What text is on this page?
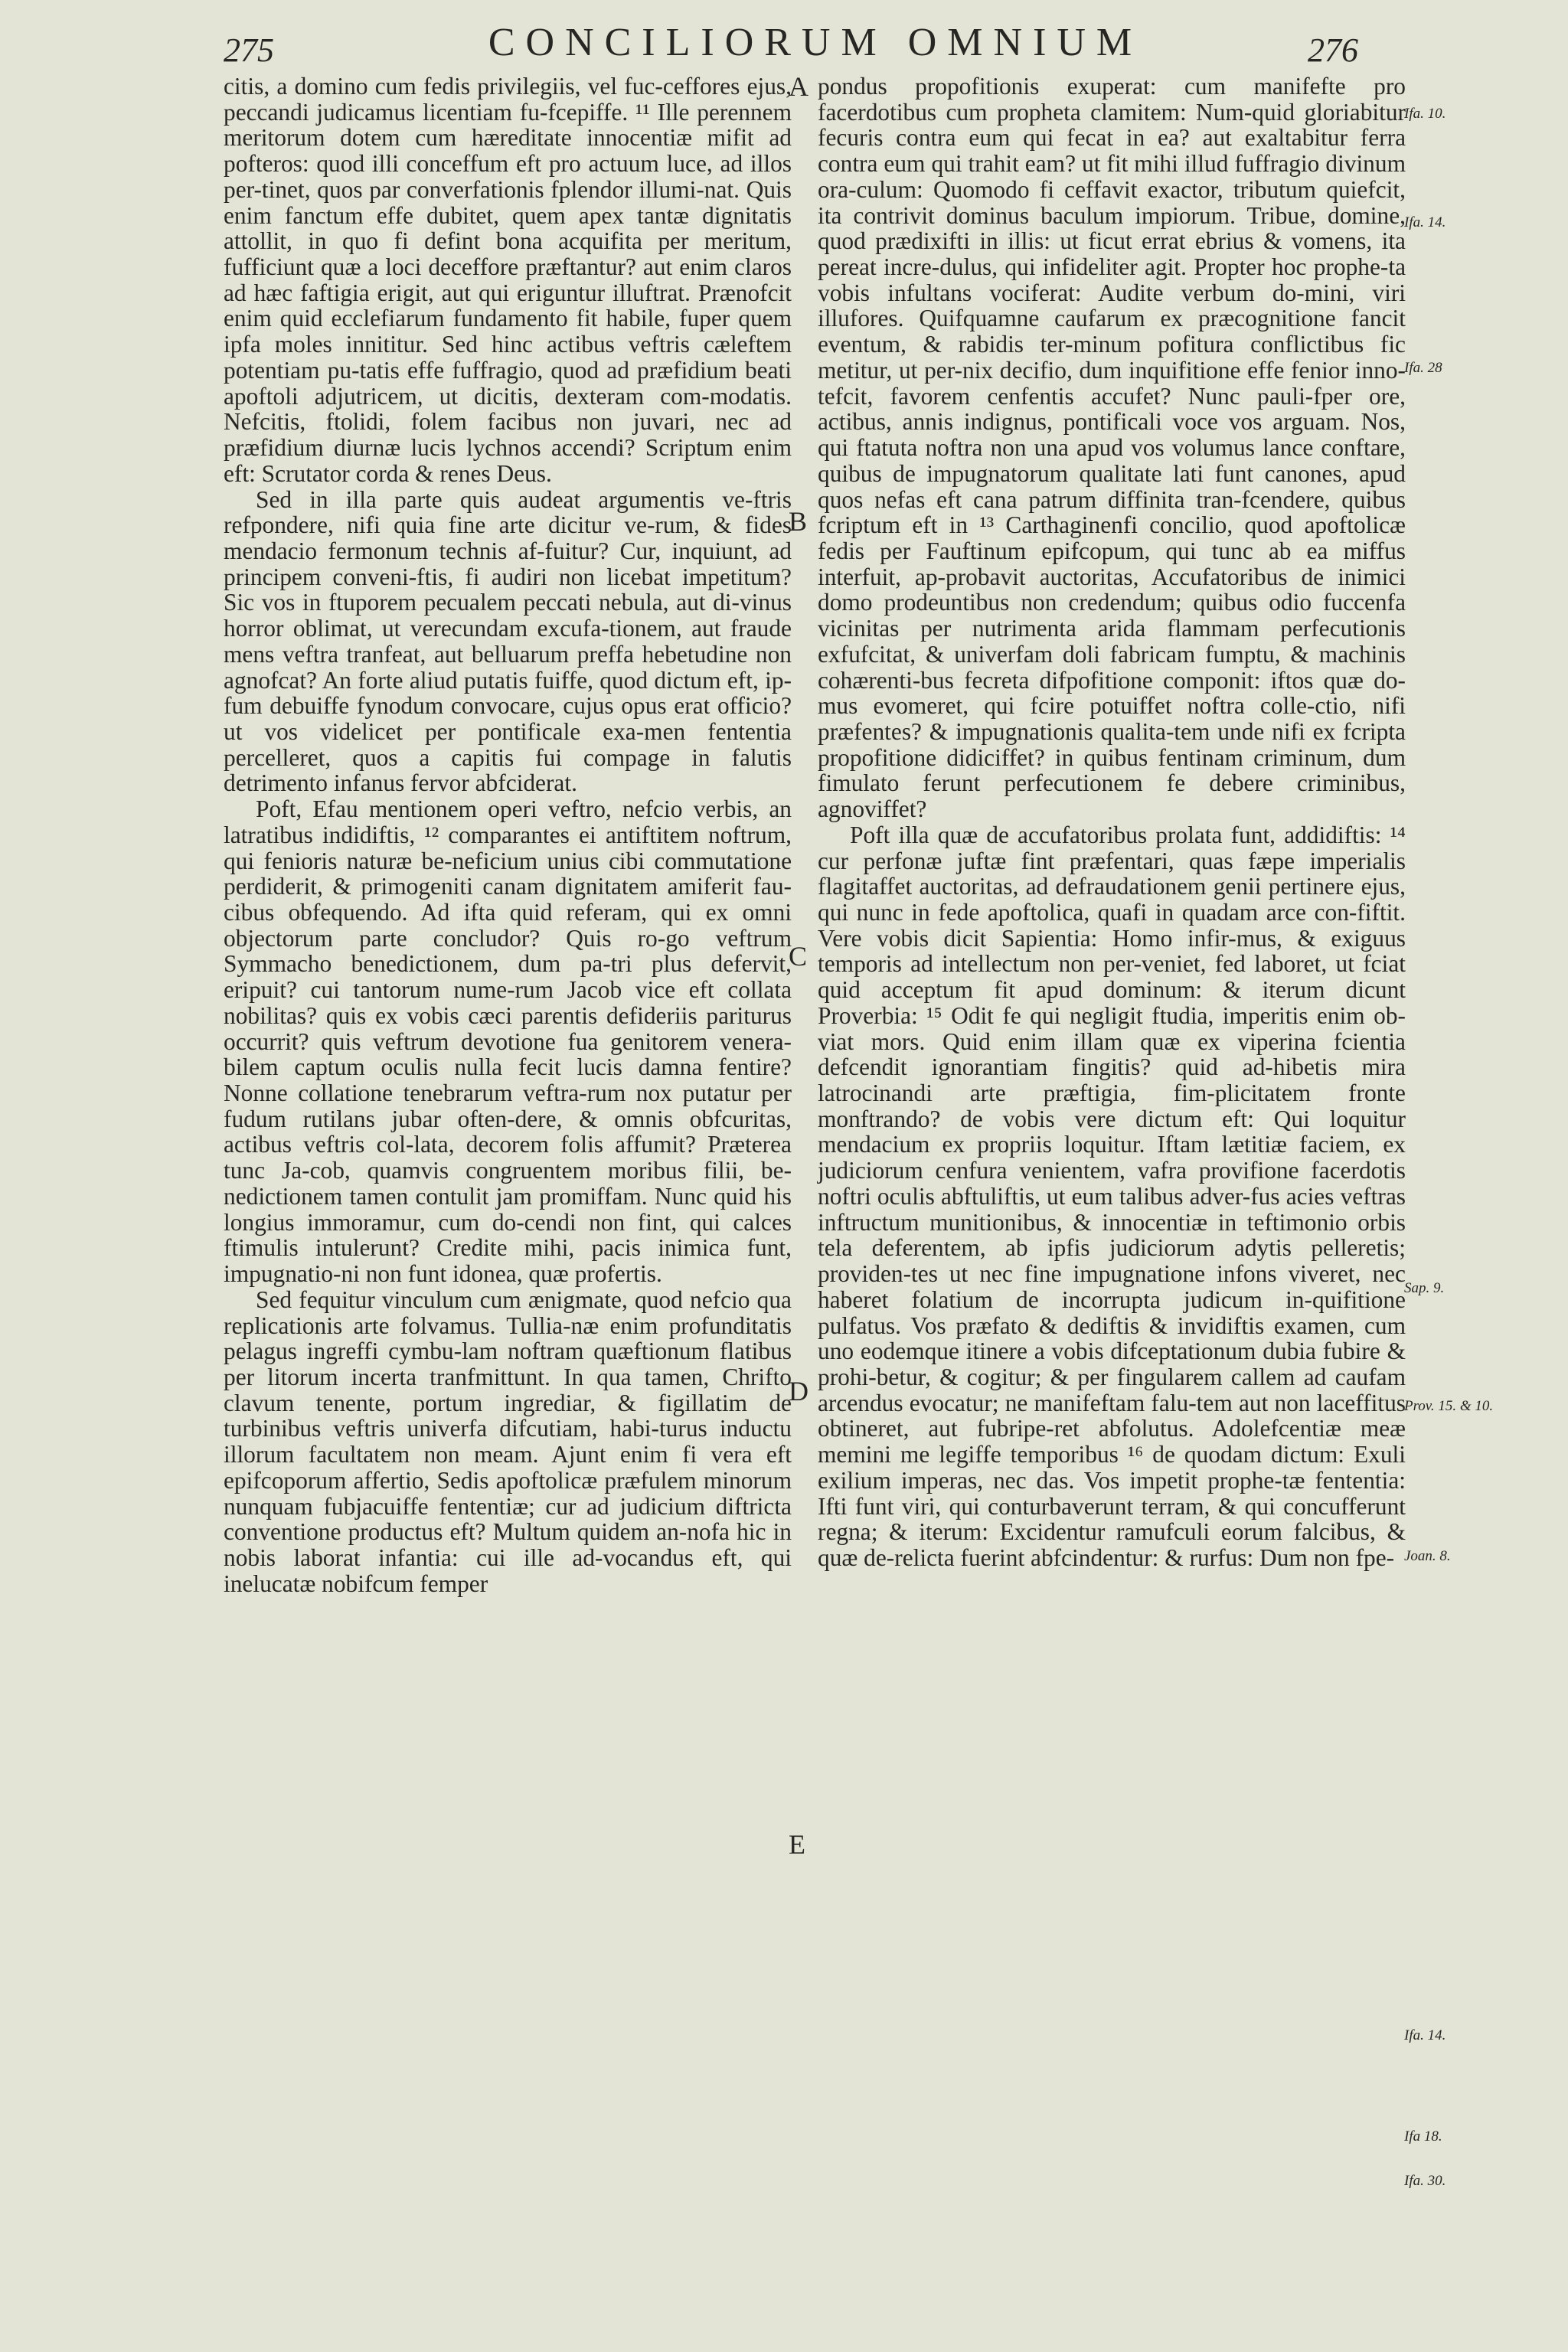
275	CONCILIORUM OMNIUM	276

citis, a domino cum fedis privilegiis, vel fuc-ceffores ejus, peccandi judicamus licentiam fu-fcepiffe. ¹¹ Ille perennem meritorum dotem cum hæreditate innocentiæ mifit ad pofteros: quod illi conceffum eft pro actuum luce, ad illos per-tinet, quos par converfationis fplendor illumi-nat. Quis enim fanctum effe dubitet, quem apex tantæ dignitatis attollit, in quo fi defint bona acquifita per meritum, fufficiunt quæ a loci decefforе præftantur? aut enim claros ad hæc faftigia erigit, aut qui eriguntur illuftrat. Prænofcit enim quid ecclefiarum fundamento fit habile, fuper quem ipfa moles innititur. Sed hinc actibus veftris cæleftem potentiam pu-tatis effe fuffragio, quod ad præfidium beati apoftoli adjutricem, ut dicitis, dexteram com-modatis. Nefcitis, ftolidi, folem facibus non juvari, nec ad præfidium diurnæ lucis lychnos accendi? Scriptum enim eft: Scrutator corda & renes Deus.

Sed in illa parte quis audeat argumentis ve-ftris refpondere, nifi quia fine arte dicitur ve-rum, & fides mendacio fermonum technis af-fuitur? Cur, inquiunt, ad principem conveni-ftis, fi audiri non licebat impetitum? Sic vos in ftuporem pecualem peccati nebula, aut di-vinus horror oblimat, ut verecundam excufa-tionem, aut fraude mens veftra tranfeat, aut belluarum preffa hebetudine non agnofcat? An forte aliud putatis fuiffe, quod dictum eft, ip-fum debuiffe fynodum convocare, cujus opus erat officio? ut vos videlicet per pontificale exa-men fententia percelleret, quos a capitis fui compage in falutis detrimento infanus fervor abfciderat.

Poft, Efau mentionem operi veftro, nefcio verbis, an latratibus indidiftis, ¹² comparantes ei antiftitem noftrum, qui fenioris naturæ be-neficium unius cibi commutatione perdiderit, & primogeniti canam dignitatem amiferit fau-cibus obfequendo. Ad ifta quid referam, qui ex omni objectorum parte concludor? Quis ro-go veftrum Symmacho benedictionem, dum pa-tri plus defervit, eripuit? cui tantorum nume-rum Jacob vice eft collata nobilitas? quis ex vobis cæci parentis defideriis pariturus occurrit? quis veftrum devotione fua genitorem venera-bilem captum oculis nulla fecit lucis damna fentire? Nonne collatione tenebrarum veftra-rum nox putatur per fudum rutilans jubar often-dere, & omnis obfcuritas, actibus veftris col-lata, decorem folis affumit? Præterea tunc Ja-cob, quamvis congruentem moribus filii, be-nedictionem tamen contulit jam promiffam. Nunc quid his longius immoramur, cum do-cendi non fint, qui calces ftimulis intulerunt? Credite mihi, pacis inimica funt, impugnatio-ni non funt idonea, quæ profertis.

Sed fequitur vinculum cum ænigmate, quod nefcio qua replicationis arte folvamus. Tullia-næ enim profunditatis pelagus ingreffi cymbu-lam noftram quæftionum flatibus per litorum incerta tranfmittunt. In qua tamen, Chrifto clavum tenente, portum ingrediar, & figillatim de turbinibus veftris univerfa difcutiam, habi-turus inductu illorum facultatem non meam. Ajunt enim fi vera eft epifcoporum affertio, Sedis apoftolicæ præfulem minorum nunquam fubjacuiffe fententiæ; cur ad judicium diftricta conventione productus eft? Multum quidem an-nofa hic in nobis laborat infantia: cui ille ad-vocandus eft, qui inelucatæ nobifcum femper

pondus propofitionis exuperat: cum manifefte pro facerdotibus cum propheta clamitem: Num-quid gloriabitur fecuris contra eum qui fecat in ea? aut exaltabitur ferra contra eum qui trahit eam? ut fit mihi illud fuffragio divinum ora-culum: Quomodo fi ceffavit exactor, tributum quiefcit, ita contrivit dominus baculum impiorum. Tribue, domine, quod prædixifti in illis: ut ficut errat ebrius & vomens, ita pereat incre-dulus, qui infideliter agit. Propter hoc prophe-ta vobis infultans vociferat: Audite verbum do-mini, viri illufores. Quifquamne caufarum ex præcognitione fancit eventum, & rabidis ter-minum pofitura conflictibus fic metitur, ut per-nix decifio, dum inquifitione effe fenior inno-tefcit, favorem cenfentis accufet? Nunc pauli-fper ore, actibus, annis indignus, pontificali voce vos arguam. Nos, qui ftatuta noftra non una apud vos volumus lance conftare, quibus de impugnatorum qualitate lati funt canones, apud quos nefas eft cana patrum diffinita tran-fcendere, quibus fcriptum eft in ¹³ Carthaginenfi concilio, quod apoftolicæ fedis per Fauftinum epifcopum, qui tunc ab ea miffus interfuit, ap-probavit auctoritas, Accufatoribus de inimici domo prodeuntibus non credendum; quibus odio fuccenfa vicinitas per nutrimenta arida flammam perfecutionis exfufcitat, & univerfam doli fabricam fumptu, & machinis cohærenti-bus fecreta difpofitione componit: iftos quæ do-mus evomeret, qui fcire potuiffet noftra colle-ctio, nifi præfentes? & impugnationis qualita-tem unde nifi ex fcripta propofitione didiciffet? in quibus fentinam criminum, dum fimulato ferunt perfecutionem fe debere criminibus, agnoviffet?

Poft illa quæ de accufatoribus prolata funt, addidiftis: ¹⁴ cur perfonæ juftæ fint præfentari, quas fæpe imperialis flagitaffet auctoritas, ad defraudationem genii pertinere ejus, qui nunc in fede apoftolica, quafi in quadam arce con-fiftit. Vere vobis dicit Sapientia: Homo infir-mus, & exiguus temporis ad intellectum non per-veniet, fed laboret, ut fciat quid acceptum fit apud dominum: & iterum dicunt Proverbia: ¹⁵ Odit fe qui negligit ftudia, imperitis enim ob-viat mors. Quid enim illam quæ ex viperina fcientia defcendit ignorantiam fingitis? quid ad-hibetis mira latrocinandi arte præftigia, fim-plicitatem fronte monftrando? de vobis vere dictum eft: Qui loquitur mendacium ex propriis loquitur. Iftam lætitiæ faciem, ex judiciorum cenfura venientem, vafra provifione facerdotis noftri oculis abftuliftis, ut eum talibus adver-fus acies veftras inftructum munitionibus, & innocentiæ in teftimonio orbis tela deferentem, ab ipfis judiciorum adytis pelleretis; providen-tes ut nec fine impugnatione infons viveret, nec haberet folatium de incorrupta judicum in-quifitione pulfatus. Vos præfato & dediftis & invidiftis examen, cum uno eodemque itinere a vobis difceptationum dubia fubire & prohi-betur, & cogitur; & per fingularem callem ad caufam arcendus evocatur; ne manifeftam falu-tem aut non laceffitus obtineret, aut fubripe-ret abfolutus. Adolefcentiæ meæ memini me legiffe temporibus ¹⁶ de quodam dictum: Exuli exilium imperas, nec das. Vos impetit prophe-tæ fententia: Ifti funt viri, qui conturbaverunt terram, & qui concufferunt regna; & iterum: Excidentur ramufculi eorum falcibus, & quæ de-relicta fuerint abfcindentur: & rurfus: Dum non fpe-

A
B
C
D
E
Ifa. 10.
Ifa. 14.
Ifa. 28
Sap. 9.
Prov. 15. & 10.
Joan. 8.
Ifa. 14.
Ifa 18.
Ifa. 30.
